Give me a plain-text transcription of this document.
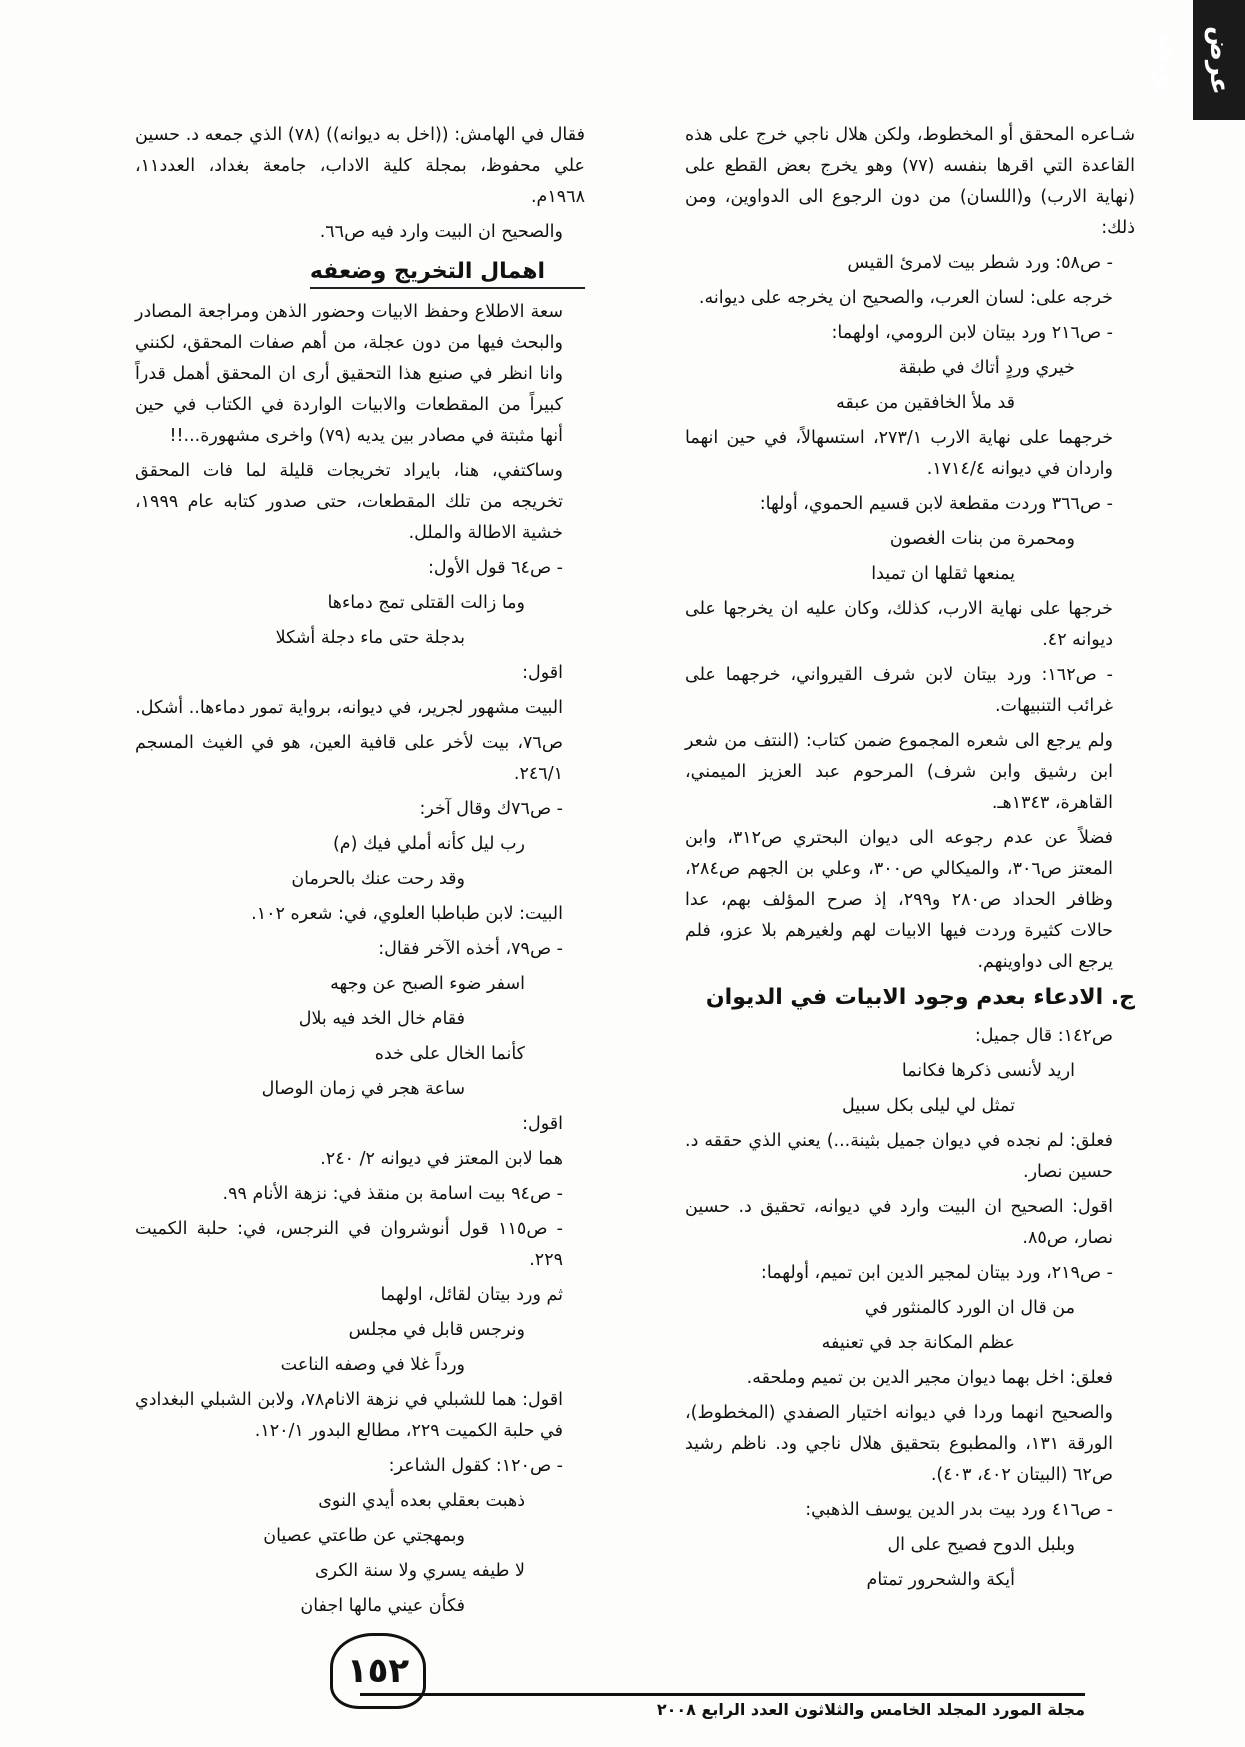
عرض ونقد

شـاعره المحقق أو المخطوط، ولكن هلال ناجي خرج على هذه القاعدة التي اقرها بنفسه (٧٧) وهو يخرج بعض القطع على (نهاية الارب) و(اللسان) من دون الرجوع الى الدواوين، ومن ذلك:

- ص٥٨: ورد شطر بيت لامرئ القيس

خرجه على: لسان العرب، والصحيح ان يخرجه على ديوانه.

- ص٢١٦ ورد بيتان لابن الرومي، اولهما:

خيري وردٍ أتاك في طبقة

قد ملأ الخافقين من عبقه

خرجهما على نهاية الارب ٢٧٣/١، استسهالاً، في حين انهما واردان في ديوانه ١٧١٤/٤.

- ص٣٦٦ وردت مقطعة لابن قسيم الحموي، أولها:

ومحمرة من بنات الغصون

يمنعها ثقلها ان تميدا

خرجها على نهاية الارب، كذلك، وكان عليه ان يخرجها على ديوانه ٤٢.

- ص١٦٢: ورد بيتان لابن شرف القيرواني، خرجهما على غرائب التنبيهات.

ولم يرجع الى شعره المجموع ضمن كتاب: (النتف من شعر ابن رشيق وابن شرف) المرحوم عبد العزيز الميمني، القاهرة، ١٣٤٣هـ.

فضلاً عن عدم رجوعه الى ديوان البحتري ص٣١٢، وابن المعتز ص٣٠٦، والميكالي ص٣٠٠، وعلي بن الجهم ص٢٨٤، وظافر الحداد ص٢٨٠ و٢٩٩، إذ صرح المؤلف بهم، عدا حالات كثيرة وردت فيها الابيات لهم ولغيرهم بلا عزو، فلم يرجع الى دواوينهم.

ج. الادعاء بعدم وجود الابيات في الديوان

ص١٤٢: قال جميل:

اريد لأنسى ذكرها فكانما

تمثل لي ليلى بكل سبيل

فعلق: لم نجده في ديوان جميل بثينة...) يعني الذي حققه د. حسين نصار.

اقول: الصحيح ان البيت وارد في ديوانه، تحقيق د. حسين نصار، ص٨٥.

- ص٢١٩، ورد بيتان لمجير الدين ابن تميم، أولهما:

من قال ان الورد كالمنثور في

عظم المكانة جد في تعنيفه

فعلق: اخل بهما ديوان مجير الدين بن تميم وملحقه.

والصحيح انهما وردا في ديوانه اختيار الصفدي (المخطوط)، الورقة ١٣١، والمطبوع بتحقيق هلال ناجي ود. ناظم رشيد ص٦٢ (البيتان ٤٠٢، ٤٠٣).

- ص٤١٦ ورد بيت بدر الدين يوسف الذهبي:

وبلبل الدوح فصيح على ال

أيكة والشحرور تمتام

فقال في الهامش: ((اخل به ديوانه)) (٧٨) الذي جمعه د. حسين علي محفوظ، بمجلة كلية الاداب، جامعة بغداد، العدد١١، ١٩٦٨م.

والصحيح ان البيت وارد فيه ص٦٦.

اهمال التخريج وضعفه

سعة الاطلاع وحفظ الابيات وحضور الذهن ومراجعة المصادر والبحث فيها من دون عجلة، من أهم صفات المحقق، لكنني وانا انظر في صنيع هذا التحقيق أرى ان المحقق أهمل قدراً كبيراً من المقطعات والابيات الواردة في الكتاب في حين أنها مثبتة في مصادر بين يديه (٧٩) واخرى مشهورة...!!

وساكتفي، هنا، بايراد تخريجات قليلة لما فات المحقق تخريجه من تلك المقطعات، حتى صدور كتابه عام ١٩٩٩، خشية الاطالة والملل.

- ص٦٤ قول الأول:

وما زالت القتلى تمج دماءها

بدجلة حتى ماء دجلة أشكلا

اقول:

البيت مشهور لجرير، في ديوانه، برواية تمور دماءها.. أشكل.

ص٧٦، بيت لأخر على قافية العين، هو في الغيث المسجم ٢٤٦/١.

- ص٧٦ك وقال آخر:

رب ليل كأنه أملي فيك (م)

وقد رحت عنك بالحرمان

البيت: لابن طباطبا العلوي، في: شعره ١٠٢.

- ص٧٩، أخذه الآخر فقال:

اسفر ضوء الصبح عن وجهه

فقام خال الخد فيه بلال

كأنما الخال على خده

ساعة هجر في زمان الوصال

اقول:

هما لابن المعتز في ديوانه ٢/ ٢٤٠.

- ص٩٤ بيت اسامة بن منقذ في: نزهة الأنام ٩٩.

- ص١١٥ قول أنوشروان في النرجس، في: حلبة الكميت ٢٢٩.

ثم ورد بيتان لقائل، اولهما

ونرجس قابل في مجلس

ورداً غلا في وصفه الناعت

اقول: هما للشبلي في نزهة الانام٧٨، ولابن الشبلي البغدادي في حلبة الكميت ٢٢٩، مطالع البدور ١٢٠/١.

- ص١٢٠: كقول الشاعر:

ذهبت بعقلي بعده أيدي النوى

وبمهجتي عن طاعتي عصيان

لا طيفه يسري ولا سنة الكرى

فكأن عيني مالها اجفان

١٥٢
مجلة المورد المجلد الخامس والثلاثون العدد الرابع ٢٠٠٨
